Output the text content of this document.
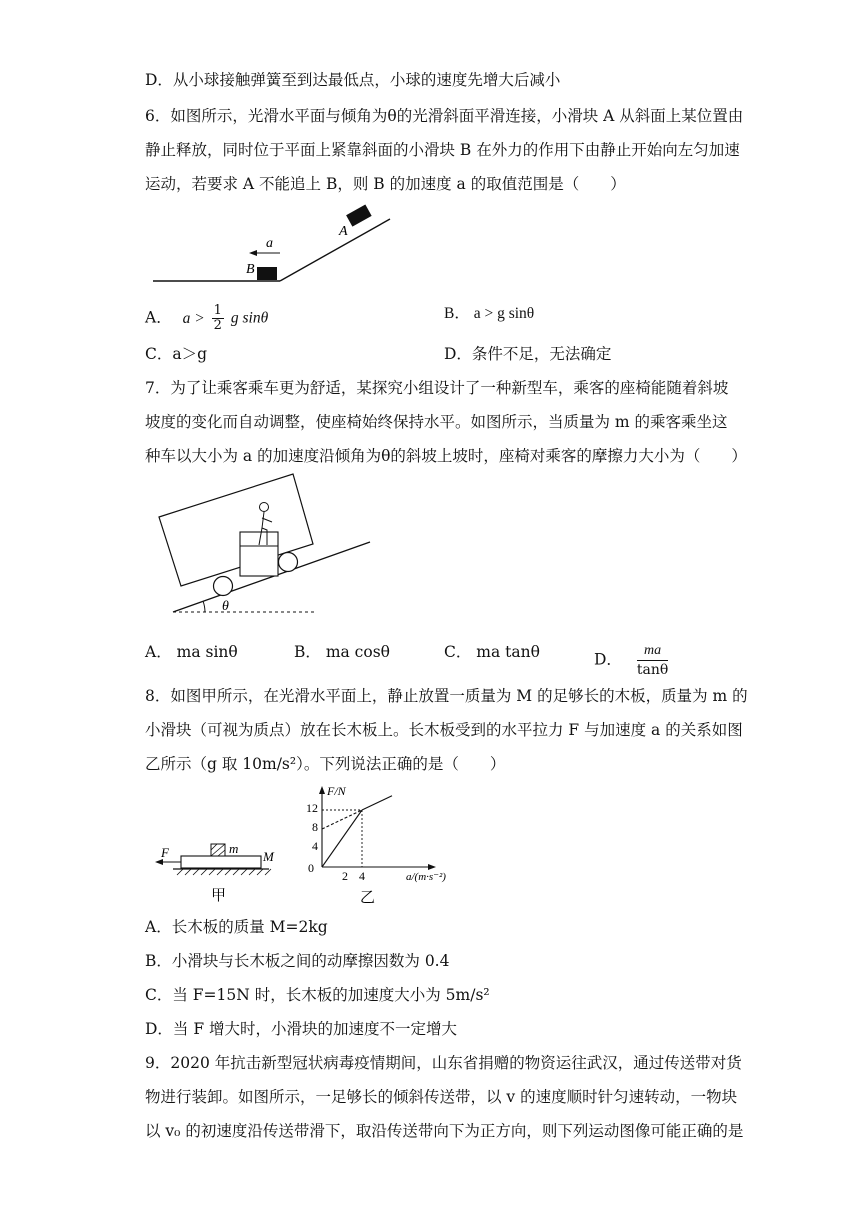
D．从小球接触弹簧至到达最低点，小球的速度先增大后减小
6．如图所示，光滑水平面与倾角为θ的光滑斜面平滑连接，小滑块 A 从斜面上某位置由
静止释放，同时位于平面上紧靠斜面的小滑块 B 在外力的作用下由静止开始向左匀加速
运动，若要求 A 不能追上 B，则 B 的加速度 a 的取值范围是（　　）
a
B
A
A． $a > \frac{1}{2}$ g sinθ	B． a > g sinθ
C．a＞g	D．条件不足，无法确定
7．为了让乘客乘车更为舒适，某探究小组设计了一种新型车，乘客的座椅能随着斜坡
坡度的变化而自动调整，使座椅始终保持水平。如图所示，当质量为 m 的乘客乘坐这
种车以大小为 a 的加速度沿倾角为θ的斜坡上坡时，座椅对乘客的摩擦力大小为（　　）
θ
A． ma sinθ	B． ma cosθ	C． ma tanθ	D． $\frac{ma}{\tan\theta}$
8．如图甲所示，在光滑水平面上，静止放置一质量为 M 的足够长的木板，质量为 m 的
小滑块（可视为质点）放在长木板上。长木板受到的水平拉力 F 与加速度 a 的关系如图
乙所示（g 取 10m/s²）。下列说法正确的是（　　）
F	m
M
甲
F/N
a/(m·s⁻²)
0
12
8
4
2 4
乙
A．长木板的质量 M=2kg
B．小滑块与长木板之间的动摩擦因数为 0.4
C．当 F=15N 时，长木板的加速度大小为 5m/s²
D．当 F 增大时，小滑块的加速度不一定增大
9．2020 年抗击新型冠状病毒疫情期间，山东省捐赠的物资运往武汉，通过传送带对货
物进行装卸。如图所示，一足够长的倾斜传送带，以 v 的速度顺时针匀速转动，一物块
以 v₀ 的初速度沿传送带滑下，取沿传送带向下为正方向，则下列运动图像可能正确的是
